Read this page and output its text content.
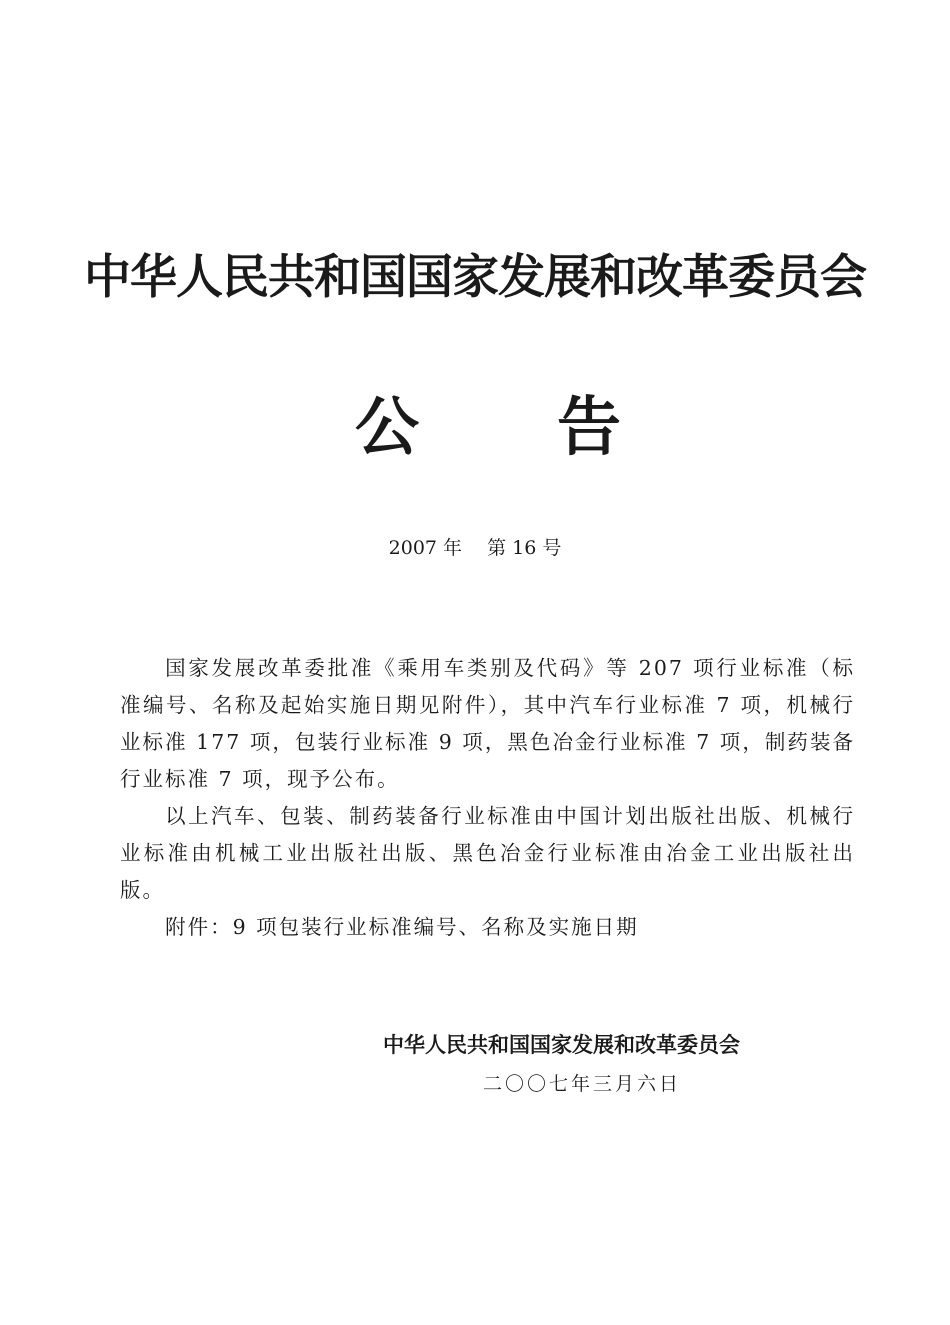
中华人民共和国国家发展和改革委员会
公 告
2007 年　 第 16 号

国家发展改革委批准《乘用车类别及代码》等 207 项行业标准（标准编号、名称及起始实施日期见附件），其中汽车行业标准 7 项，机械行业标准 177 项，包装行业标准 9 项，黑色冶金行业标准 7 项，制药装备行业标准 7 项，现予公布。

以上汽车、包装、制药装备行业标准由中国计划出版社出版、机械行业标准由机械工业出版社出版、黑色冶金行业标准由冶金工业出版社出版。

附件：9 项包装行业标准编号、名称及实施日期

中华人民共和国国家发展和改革委员会
二〇〇七年三月六日
